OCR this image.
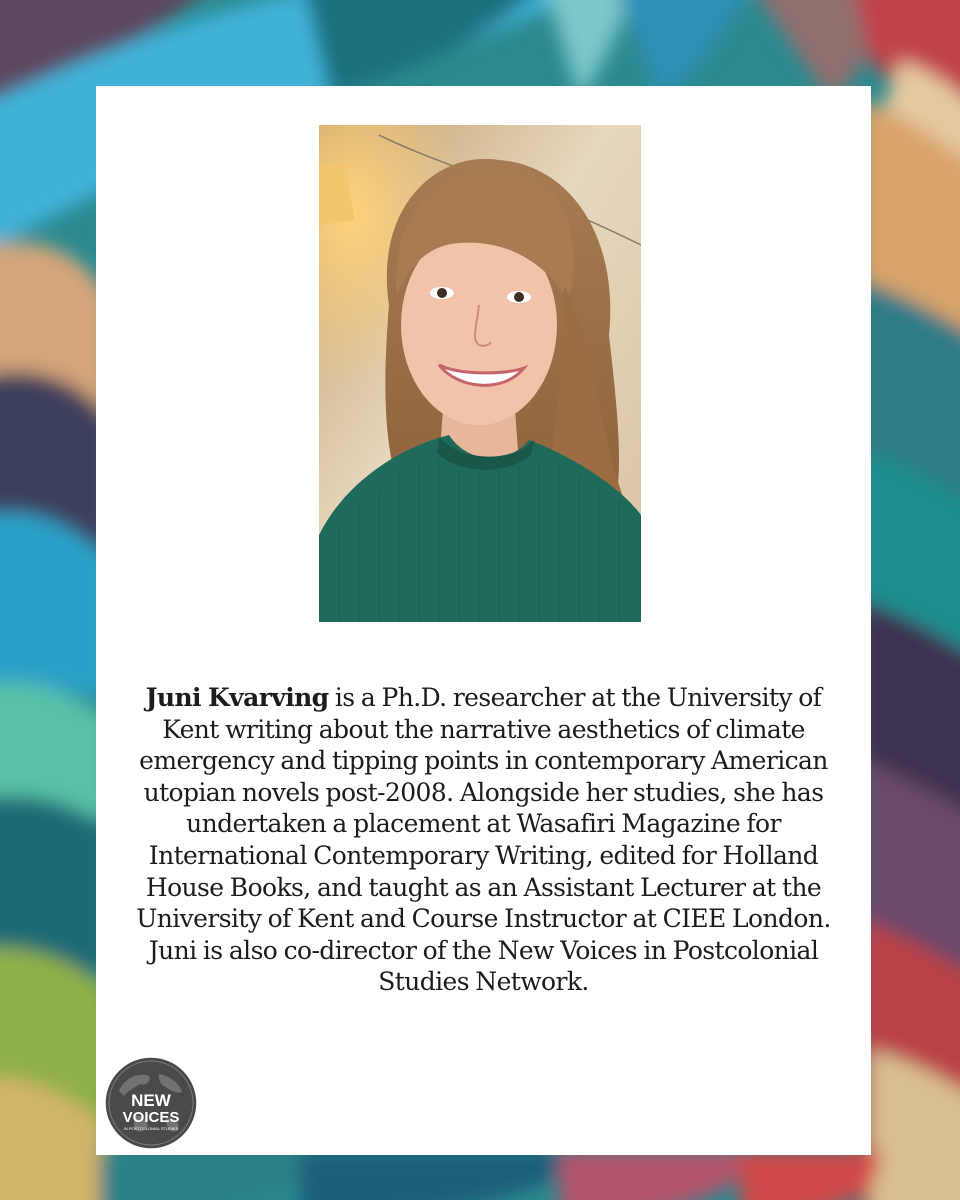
Juni Kvarving is a Ph.D. researcher at the University of Kent writing about the narrative aesthetics of climate emergency and tipping points in contemporary American utopian novels post-2008. Alongside her studies, she has undertaken a placement at Wasafiri Magazine for International Contemporary Writing, edited for Holland House Books, and taught as an Assistant Lecturer at the University of Kent and Course Instructor at CIEE London. Juni is also co-director of the New Voices in Postcolonial Studies Network.

NEW
VOICES
IN POSTCOLONIAL STUDIES
